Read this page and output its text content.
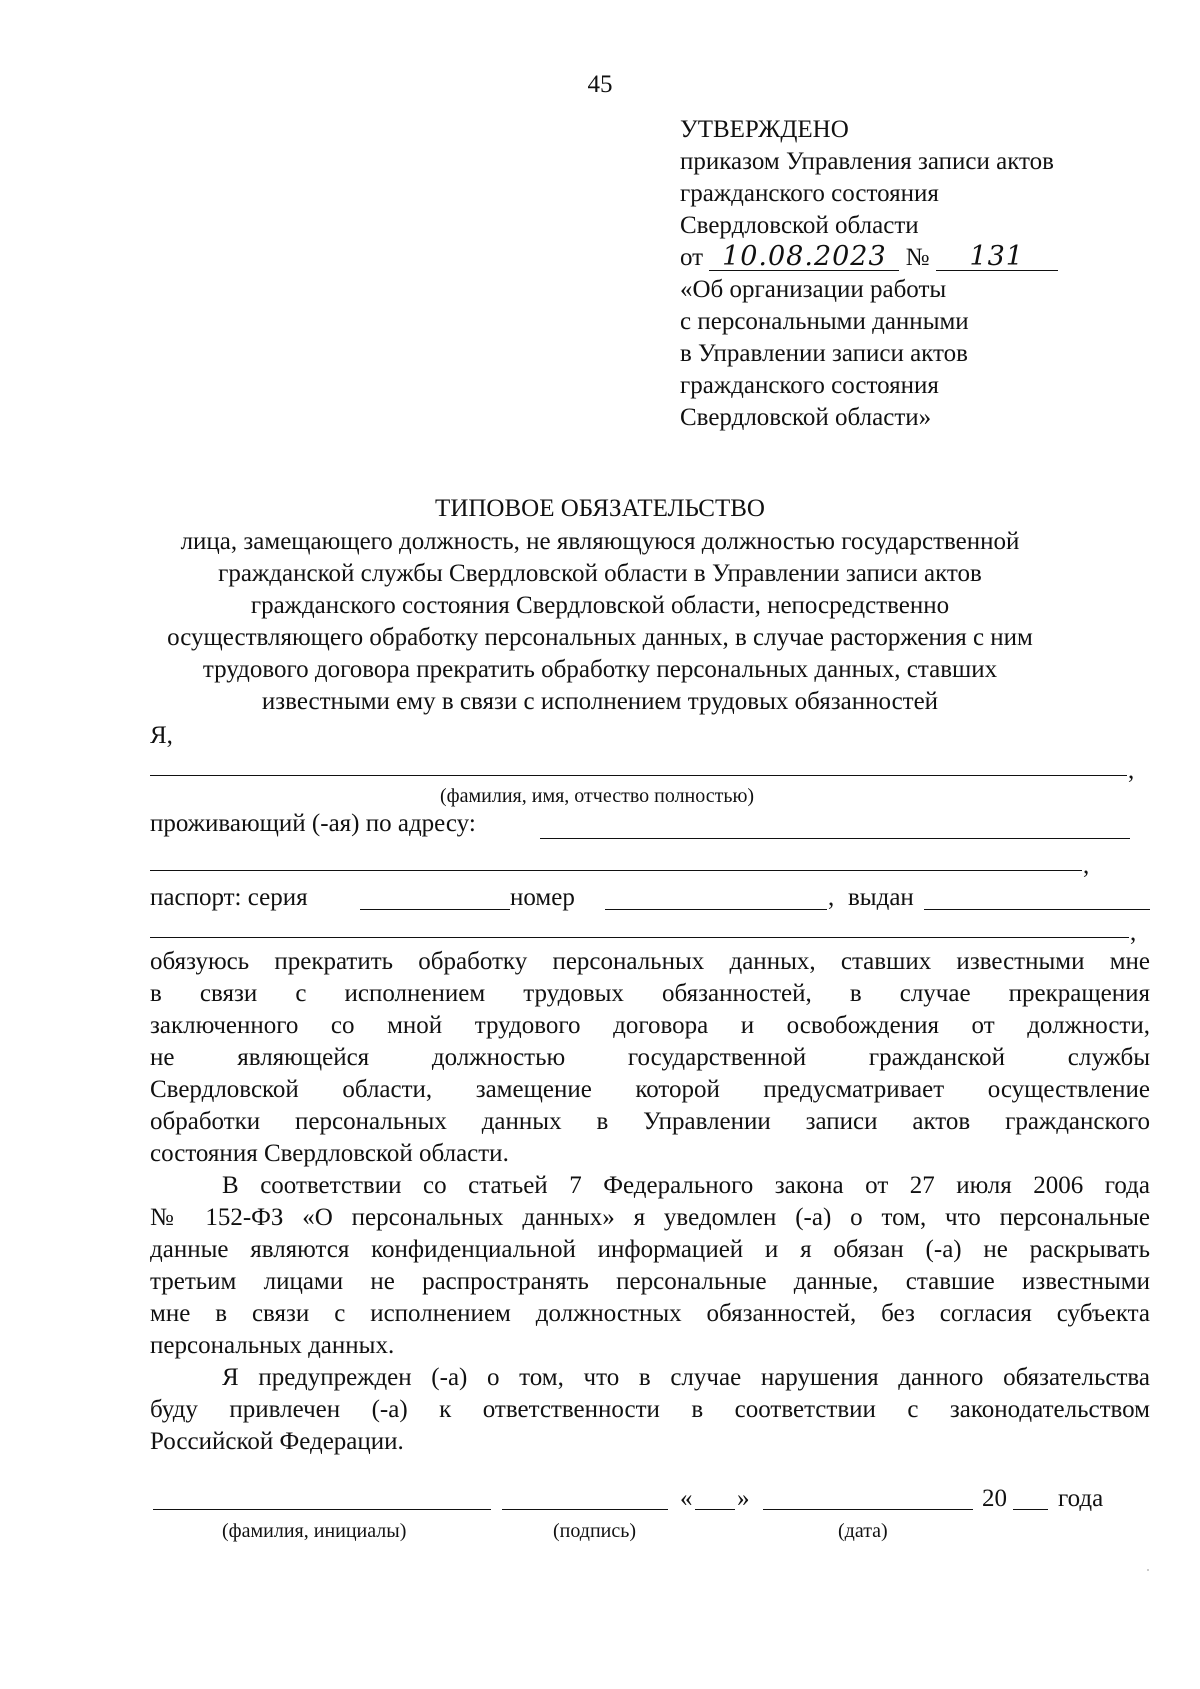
45
УТВЕРЖДЕНО
приказом Управления записи актов
гражданского состояния
Свердловской области
от 10.08.2023 № 131
«Об организации работы
с персональными данными
в Управлении записи актов
гражданского состояния
Свердловской области»
ТИПОВОЕ ОБЯЗАТЕЛЬСТВО
лица, замещающего должность, не являющуюся должностью государственной
гражданской службы Свердловской области в Управлении записи актов
гражданского состояния Свердловской области, непосредственно
осуществляющего обработку персональных данных, в случае расторжения с ним
трудового договора прекратить обработку персональных данных, ставших
известными ему в связи с исполнением трудовых обязанностей
Я,
,
(фамилия, имя, отчество полностью)
проживающий (-ая) по адресу:
,
паспорт: серия	номер	, выдан
,

обязуюсь прекратить обработку персональных данных, ставших известными мне

в связи с исполнением трудовых обязанностей, в случае прекращения

заключенного со мной трудового договора и освобождения от должности,

не являющейся должностью государственной гражданской службы

Свердловской области, замещение которой предусматривает осуществление

обработки персональных данных в Управлении записи актов гражданского

состояния Свердловской области.

В соответствии со статьей 7 Федерального закона от 27 июля 2006 года

№ 152-ФЗ «О персональных данных» я уведомлен (-а) о том, что персональные

данные являются конфиденциальной информацией и я обязан (-а) не раскрывать

третьим лицами не распространять персональные данные, ставшие известными

мне в связи с исполнением должностных обязанностей, без согласия субъекта

персональных данных.

Я предупрежден (-а) о том, что в случае нарушения данного обязательства

буду привлечен (-а) к ответственности в соответствии с законодательством

Российской Федерации.

« »	20 года
(фамилия, инициалы)	(подпись)	(дата)
